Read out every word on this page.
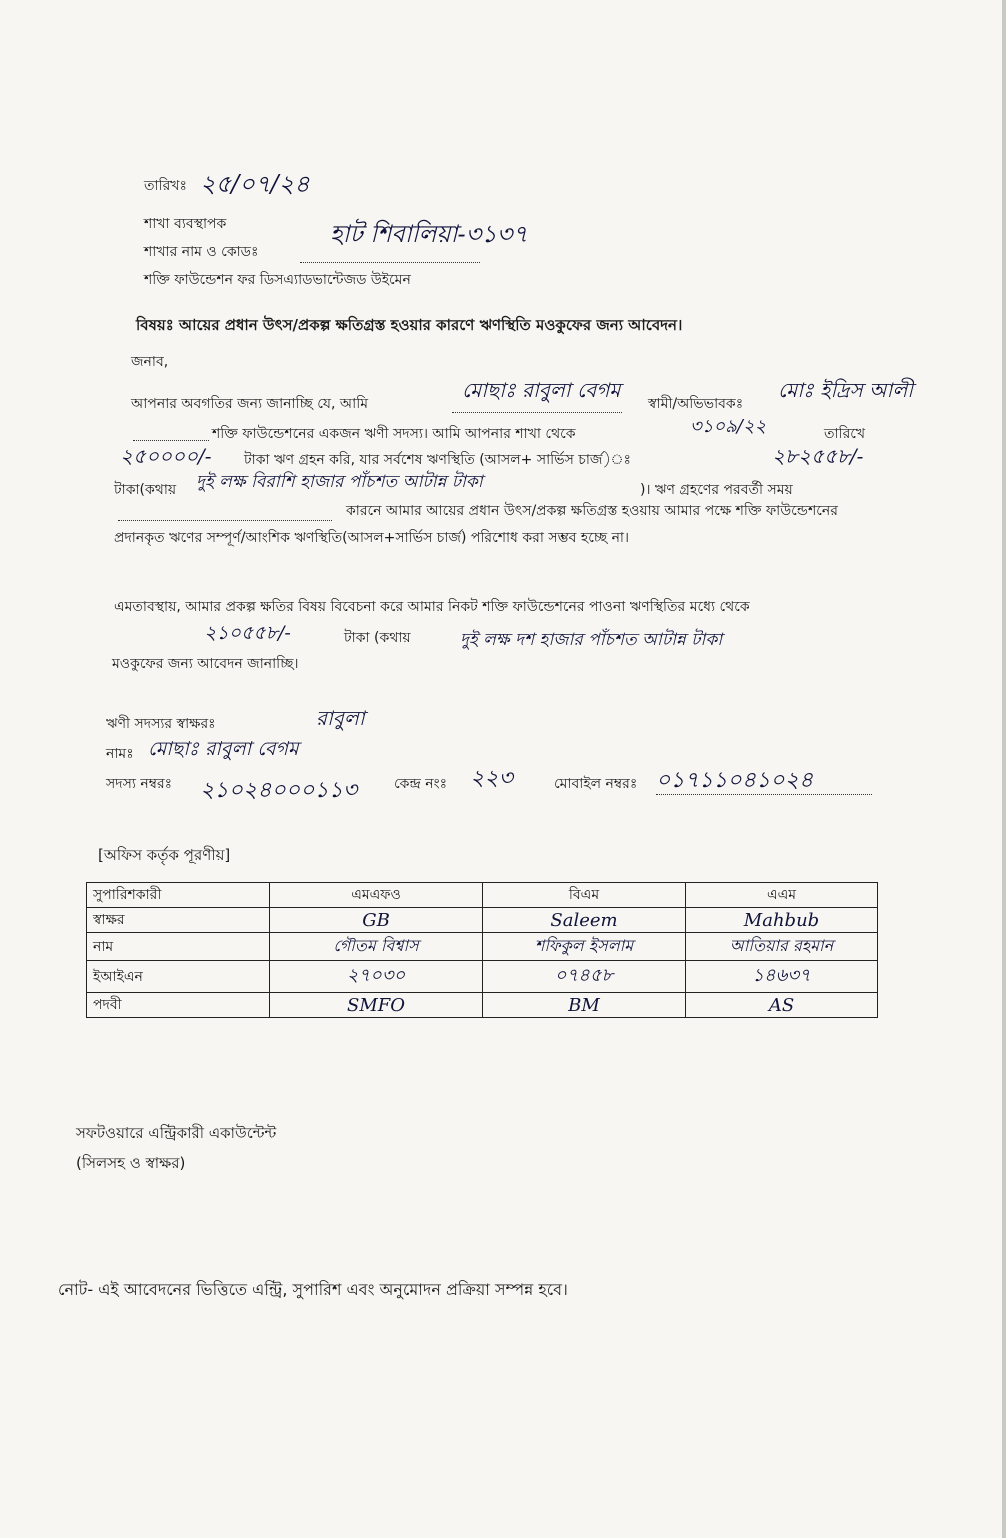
তারিখঃ ২৫/০৭/২৪
শাখা ব্যবস্থাপক
শাখার নাম ও কোডঃ
হাট শিবালিয়া-৩১৩৭
শক্তি ফাউন্ডেশন ফর ডিসএ্যাডভান্টেজড উইমেন
বিষয়ঃ আয়ের প্রধান উৎস/প্রকল্প ক্ষতিগ্রস্ত হওয়ার কারণে ঋণস্থিতি মওকুফের জন্য আবেদন।
জনাব,
আপনার অবগতির জন্য জানাচ্ছি যে, আমি
মোছাঃ রাবুলা বেগম
স্বামী/অভিভাবকঃ
মোঃ ইদ্রিস আলী
শক্তি ফাউন্ডেশনের একজন ঋণী সদস্য। আমি আপনার শাখা থেকে	৩১০৯/২২	তারিখে
২৫০০০০/- টাকা ঋণ গ্রহন করি, যার সর্বশেষ ঋণস্থিতি (আসল+ সার্ভিস চার্জ)ঃ	২৮২৫৫৮/-
টাকা(কথায় দুই লক্ষ বিরাশি হাজার পাঁচশত আটান্ন টাকা	)। ঋণ গ্রহণের পরবর্তী সময়
কারনে আমার আয়ের প্রধান উৎস/প্রকল্প ক্ষতিগ্রস্ত হওয়ায় আমার পক্ষে শক্তি ফাউন্ডেশনের প্রদানকৃত ঋণের সম্পূর্ণ/আংশিক ঋণস্থিতি(আসল+সার্ভিস চার্জ) পরিশোধ করা সম্ভব হচ্ছে না।
এমতাবস্থায়, আমার প্রকল্প ক্ষতির বিষয় বিবেচনা করে আমার নিকট শক্তি ফাউন্ডেশনের পাওনা ঋণস্থিতির মধ্যে থেকে
২১০৫৫৮/-	টাকা (কথায়	দুই লক্ষ দশ হাজার পাঁচশত আটান্ন টাকা
মওকুফের জন্য আবেদন জানাচ্ছি।
ঋণী সদস্যর স্বাক্ষরঃ	রাবুলা
নামঃ মোছাঃ রাবুলা বেগম
সদস্য নম্বরঃ ২১০২৪০০০১১৩	কেন্দ্র নংঃ ২২৩	মোবাইল নম্বরঃ ০১৭১১০৪১০২৪
[অফিস কর্তৃক পূরণীয়]
সুপারিশকারী	এমএফও	বিএম	এএম
স্বাক্ষর	GB	Saleem	Mahbub
নাম	গৌতম বিশ্বাস	শফিকুল ইসলাম	আতিয়ার রহমান
ইআইএন	২৭০৩০	০৭৪৫৮	১৪৬৩৭
পদবী	SMFO	BM	AS
সফটওয়ারে এন্ট্রিকারী একাউন্টেন্ট
(সিলসহ ও স্বাক্ষর)
নোট- এই আবেদনের ভিত্তিতে এন্ট্রি, সুপারিশ এবং অনুমোদন প্রক্রিয়া সম্পন্ন হবে।
